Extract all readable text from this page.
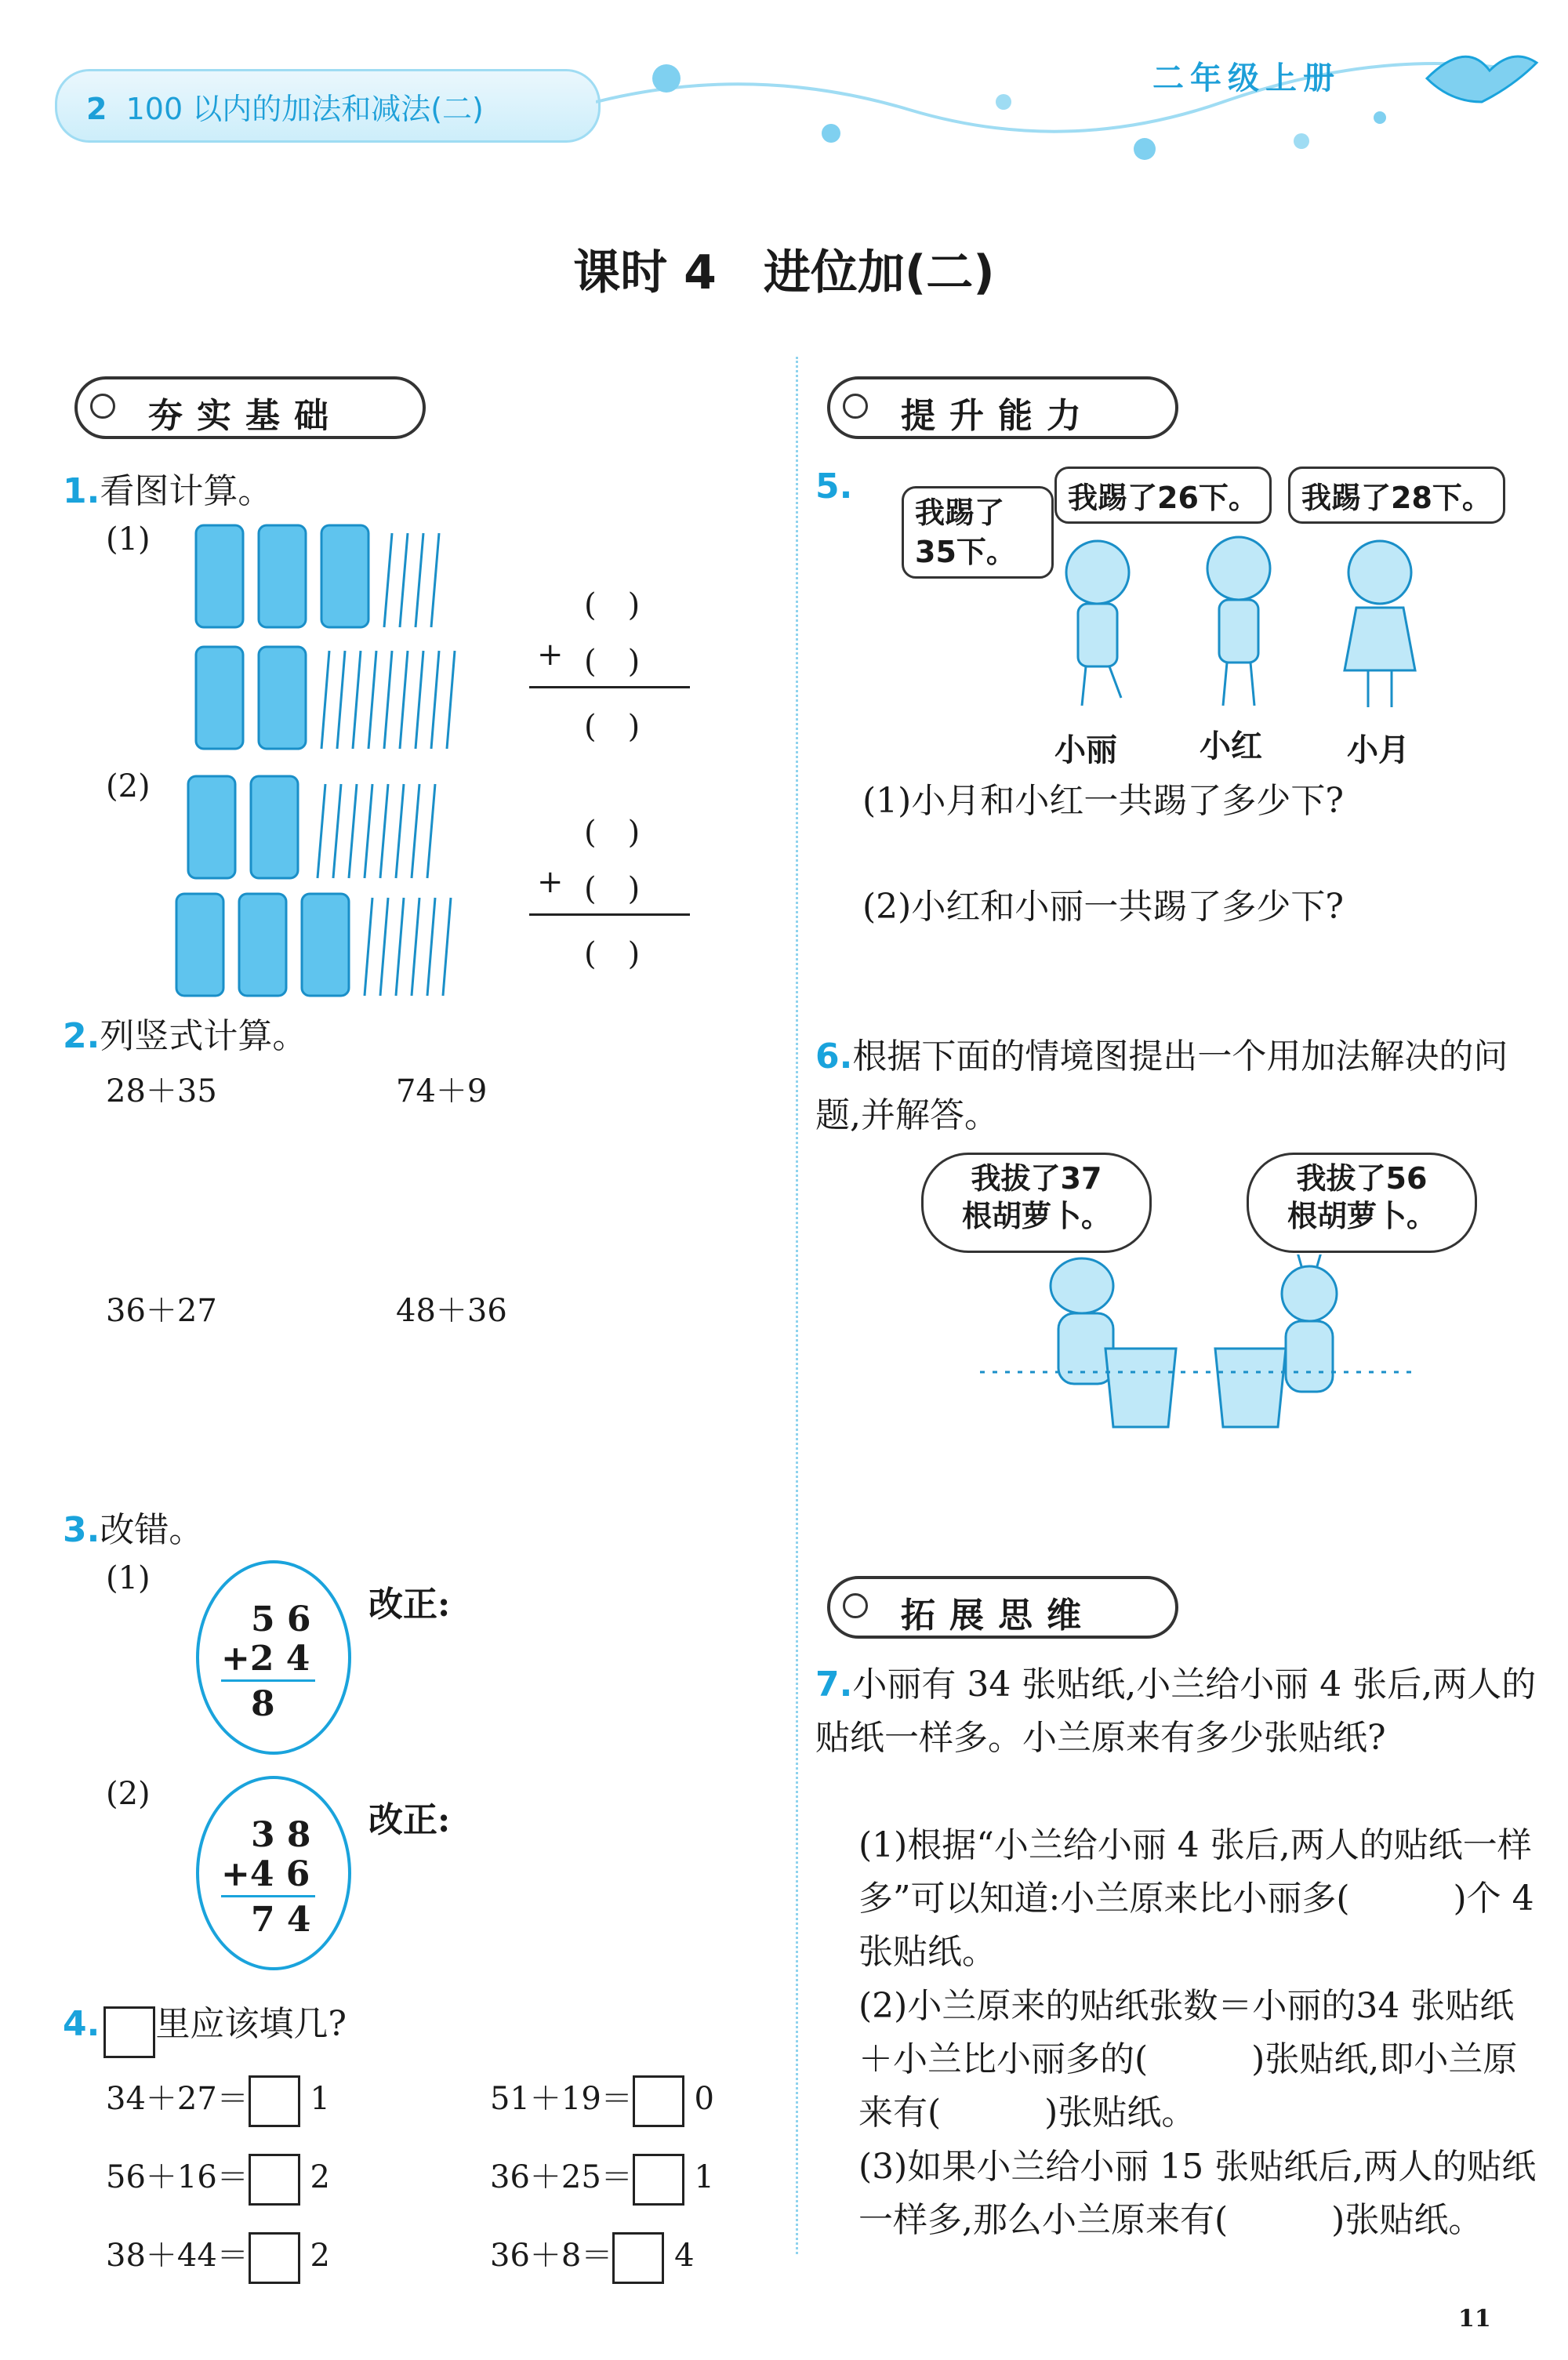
2 100 以内的加法和减法(二)
二年级上册
课时 4　进位加(二)
夯实基础
1.看图计算。
(1)
(　)
+ (　)
(　)
(2)
(　)
+ (　)
(　)
2.列竖式计算。
28＋35	74＋9
36＋27	48＋36
3.改错。
(1)
5 6
+2 4
8
改正:
(2)
3 8
+4 6
7 4
改正:
4. 里应该填几?
34＋27＝ 1	51＋19＝ 0
56＋16＝ 2	36＋25＝ 1
38＋44＝ 2	36＋8＝ 4
提升能力
5.
我踢了
35下。
我踢了26下。	我踢了28下。
小丽	小红	小月
(1)小月和小红一共踢了多少下?
(2)小红和小丽一共踢了多少下?
6.根据下面的情境图提出一个用加法解决的问题,并解答。
我拔了37
根胡萝卜。
我拔了56
根胡萝卜。
拓展思维
7.小丽有 34 张贴纸,小兰给小丽 4 张后,两人的贴纸一样多。小兰原来有多少张贴纸?
(1)根据“小兰给小丽 4 张后,两人的贴纸一样多”可以知道:小兰原来比小丽多(　　　)个 4 张贴纸。
(2)小兰原来的贴纸张数＝小丽的34 张贴纸＋小兰比小丽多的(　　　)张贴纸,即小兰原来有(　　　)张贴纸。
(3)如果小兰给小丽 15 张贴纸后,两人的贴纸一样多,那么小兰原来有(　　　)张贴纸。
11
